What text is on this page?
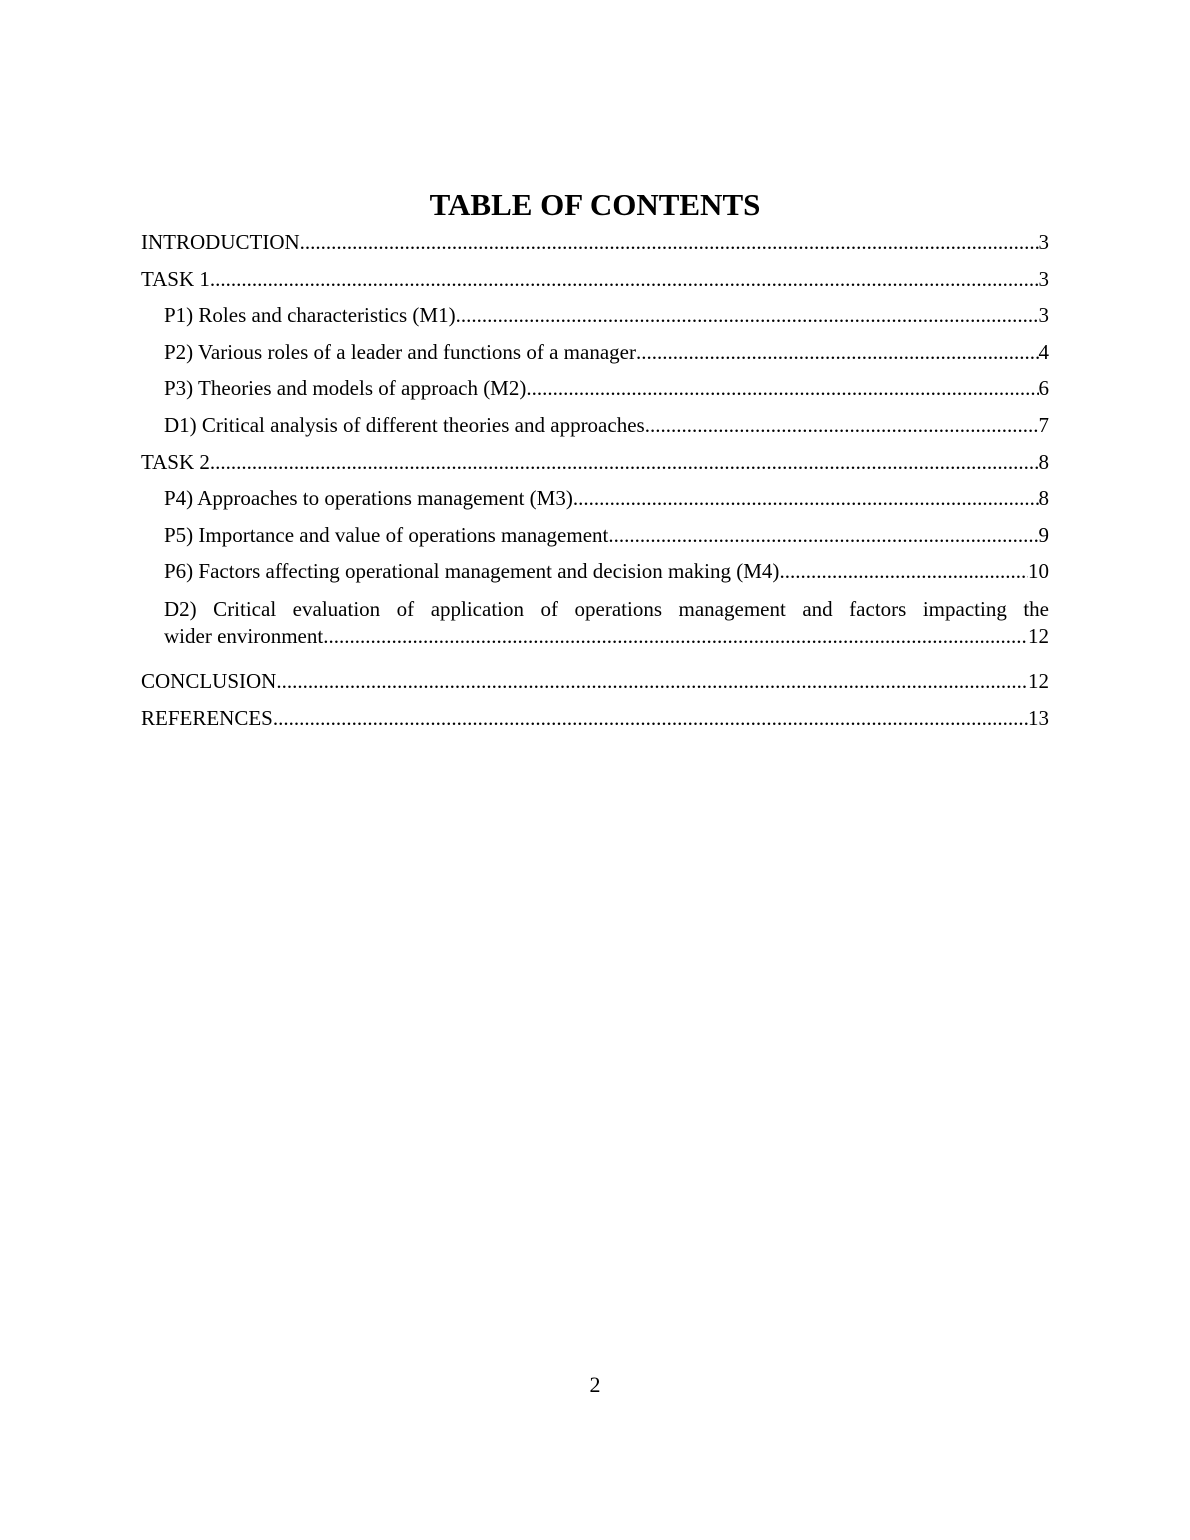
TABLE OF CONTENTS
INTRODUCTION .....	3
TASK 1 .....	3
P1) Roles and characteristics (M1) .....	3
P2) Various roles of a leader and functions of a manager .....	4
P3) Theories and models of approach (M2) .....	6
D1) Critical analysis of different theories and approaches .....	7
TASK 2 .....	8
P4) Approaches to operations management (M3) .....	8
P5) Importance and value of operations management .....	9
P6) Factors affecting operational management and decision making (M4) .....	10
D2) Critical evaluation of application of operations management and factors impacting the
wider environment .....	12
CONCLUSION .....	12
REFERENCES .....	13
2
